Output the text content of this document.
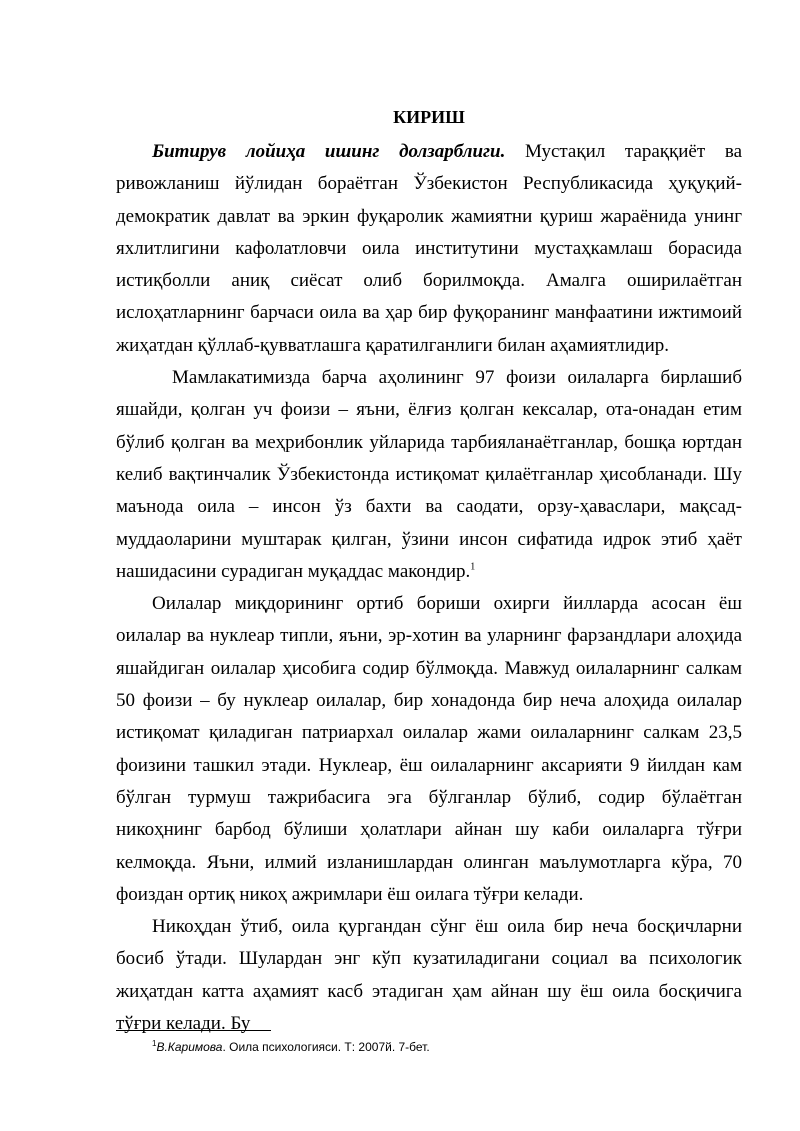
КИРИШ

Битирув лойиҳа ишинг долзарблиги. Мустақил тараққиёт ва ривожланиш йўлидан бораётган Ўзбекистон Республикасида ҳуқуқий-демократик давлат ва эркин фуқаролик жамиятни қуриш жараёнида унинг яхлитлигини кафолатловчи оила институтини мустаҳкамлаш борасида истиқболли аниқ сиёсат олиб борилмоқда. Амалга оширилаётган ислоҳатларнинг барчаси оила ва ҳар бир фуқоранинг манфаатини ижтимоий жиҳатдан қўллаб-қувватлашга қаратилганлиги билан аҳамиятлидир.

Мамлакатимизда барча аҳолининг 97 фоизи оилаларга бирлашиб яшайди, қолган уч фоизи – яъни, ёлғиз қолган кексалар, ота-онадан етим бўлиб қолган ва меҳрибонлик уйларида тарбияланаётганлар, бошқа юртдан келиб вақтинчалик Ўзбекистонда истиқомат қилаётганлар ҳисобланади. Шу маънода оила – инсон ўз бахти ва саодати, орзу-ҳаваслари, мақсад-муддаоларини муштарак қилган, ўзини инсон сифатида идрок этиб ҳаёт нашидасини сурадиган муқаддас макондир.$^1$

Оилалар миқдорининг ортиб бориши охирги йилларда асосан ёш оилалар ва нуклеар типли, яъни, эр-хотин ва уларнинг фарзандлари алоҳида яшайдиган оилалар ҳисобига содир бўлмоқда. Мавжуд оилаларнинг салкам 50 фоизи – бу нуклеар оилалар, бир хонадонда бир неча алоҳида оилалар истиқомат қиладиган патриархал оилалар жами оилаларнинг салкам 23,5 фоизини ташкил этади. Нуклеар, ёш оилаларнинг аксарияти 9 йилдан кам бўлган турмуш тажрибасига эга бўлганлар бўлиб, содир бўлаётган никоҳнинг барбод бўлиши ҳолатлари айнан шу каби оилаларга тўғри келмоқда. Яъни, илмий изланишлардан олинган маълумотларга кўра, 70 фоиздан ортиқ никоҳ ажримлари ёш оилага тўғри келади.

Никоҳдан ўтиб, оила қургандан сўнг ёш оила бир неча босқичларни босиб ўтади. Шулардан энг кўп кузатиладигани социал ва психологик жиҳатдан катта аҳамият касб этадиган ҳам айнан шу ёш оила босқичига тўғри келади. Бу

$^1$В.Каримова. Оила психологияси. Т: 2007й. 7-бет.
